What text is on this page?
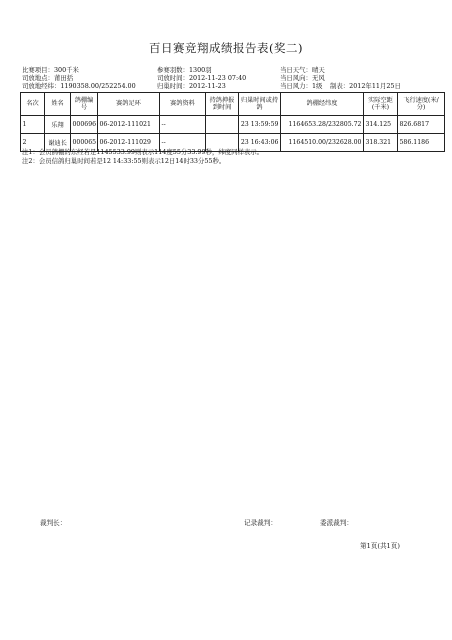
百日赛竞翔成绩报告表(奖二)
比赛项目：300千米
司放地点：莆田括
司放地经纬：1190358.00/252254.00
参赛羽数：1300羽
司放时间：2012-11-23 07:40
归巢时间：2012-11-23
当日天气：晴天
当日风向：无风
当日风力：1级 制表：2012年11月25日
名次	姓名	鸽棚编号	赛鸽足环	赛鸽资料	持鸽抻报到时间	归巢时间或持鸽	鸽棚经纬度	实际空距(千米)	飞行速度(米/分)
1	乐翔	000696	06-2012-111021	--		23 13:59:59	1164653.28/232805.72	314.125	826.6817
2	谢迪长	000065	06-2012-111029	--		23 16:43:06	1164510.00/232628.00	318.321	586.1186
注1：会员鸽棚的东经若是1145533.99则表示114度55分33.99秒，纬度同样表示。
注2：会员信鸽归巢时间若是12 14:33:55则表示12日14时33分55秒。
裁判长：	记录裁判：	委派裁判：
第1页(共1页)
